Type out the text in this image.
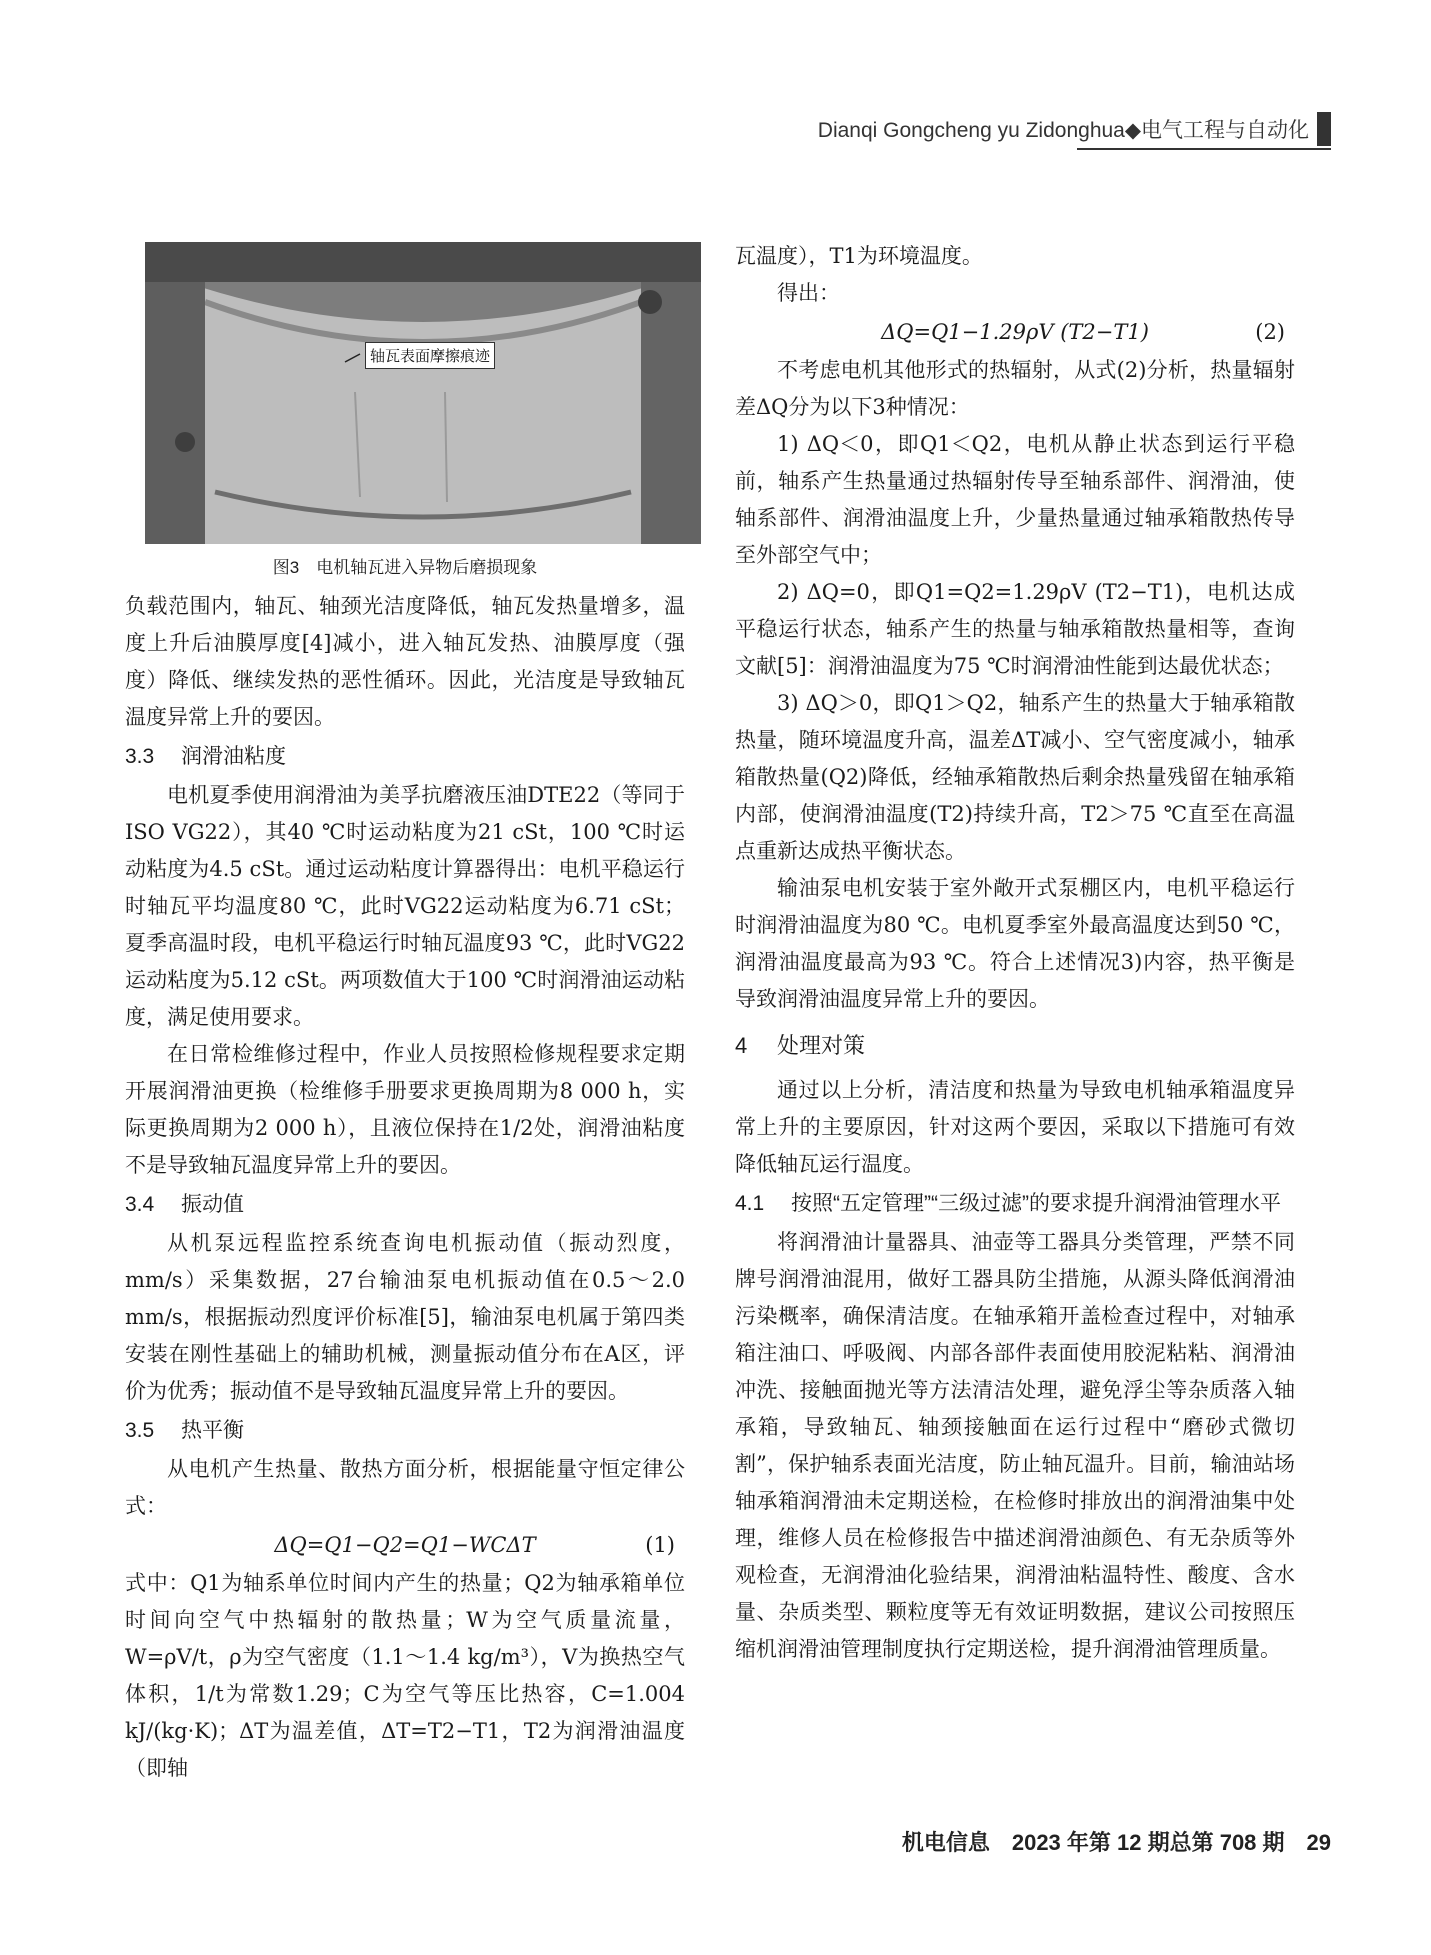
Dianqi Gongcheng yu Zidonghua◆电气工程与自动化
轴瓦表面摩擦痕迹
图3　电机轴瓦进入异物后磨损现象

负载范围内，轴瓦、轴颈光洁度降低，轴瓦发热量增多，温度上升后油膜厚度[4]减小，进入轴瓦发热、油膜厚度（强度）降低、继续发热的恶性循环。因此，光洁度是导致轴瓦温度异常上升的要因。

3.3 润滑油粘度

电机夏季使用润滑油为美孚抗磨液压油DTE22（等同于ISO VG22），其40 ℃时运动粘度为21 cSt，100 ℃时运动粘度为4.5 cSt。通过运动粘度计算器得出：电机平稳运行时轴瓦平均温度80 ℃，此时VG22运动粘度为6.71 cSt；夏季高温时段，电机平稳运行时轴瓦温度93 ℃，此时VG22运动粘度为5.12 cSt。两项数值大于100 ℃时润滑油运动粘度，满足使用要求。

在日常检维修过程中，作业人员按照检修规程要求定期开展润滑油更换（检维修手册要求更换周期为8 000 h，实际更换周期为2 000 h），且液位保持在1/2处，润滑油粘度不是导致轴瓦温度异常上升的要因。

3.4 振动值

从机泵远程监控系统查询电机振动值（振动烈度，mm/s）采集数据，27台输油泵电机振动值在0.5～2.0 mm/s，根据振动烈度评价标准[5]，输油泵电机属于第四类安装在刚性基础上的辅助机械，测量振动值分布在A区，评价为优秀；振动值不是导致轴瓦温度异常上升的要因。

3.5 热平衡

从电机产生热量、散热方面分析，根据能量守恒定律公式：

ΔQ=Q1−Q2=Q1−WCΔT	(1)

式中：Q1为轴系单位时间内产生的热量；Q2为轴承箱单位时间向空气中热辐射的散热量；W为空气质量流量，W=ρV/t，ρ为空气密度（1.1～1.4 kg/m³），V为换热空气体积，1/t为常数1.29；C为空气等压比热容，C=1.004 kJ/(kg·K)；ΔT为温差值，ΔT=T2−T1，T2为润滑油温度（即轴

瓦温度），T1为环境温度。

得出：

ΔQ=Q1−1.29ρV (T2−T1)	(2)

不考虑电机其他形式的热辐射，从式(2)分析，热量辐射差ΔQ分为以下3种情况：

1) ΔQ＜0，即Q1＜Q2，电机从静止状态到运行平稳前，轴系产生热量通过热辐射传导至轴系部件、润滑油，使轴系部件、润滑油温度上升，少量热量通过轴承箱散热传导至外部空气中；

2) ΔQ=0，即Q1=Q2=1.29ρV (T2−T1)，电机达成平稳运行状态，轴系产生的热量与轴承箱散热量相等，查询文献[5]：润滑油温度为75 ℃时润滑油性能到达最优状态；

3) ΔQ＞0，即Q1＞Q2，轴系产生的热量大于轴承箱散热量，随环境温度升高，温差ΔT减小、空气密度减小，轴承箱散热量(Q2)降低，经轴承箱散热后剩余热量残留在轴承箱内部，使润滑油温度(T2)持续升高，T2＞75 ℃直至在高温点重新达成热平衡状态。

输油泵电机安装于室外敞开式泵棚区内，电机平稳运行时润滑油温度为80 ℃。电机夏季室外最高温度达到50 ℃，润滑油温度最高为93 ℃。符合上述情况3)内容，热平衡是导致润滑油温度异常上升的要因。

4 处理对策

通过以上分析，清洁度和热量为导致电机轴承箱温度异常上升的主要原因，针对这两个要因，采取以下措施可有效降低轴瓦运行温度。

4.1 按照“五定管理”“三级过滤”的要求提升润滑油管理水平

将润滑油计量器具、油壶等工器具分类管理，严禁不同牌号润滑油混用，做好工器具防尘措施，从源头降低润滑油污染概率，确保清洁度。在轴承箱开盖检查过程中，对轴承箱注油口、呼吸阀、内部各部件表面使用胶泥粘粘、润滑油冲洗、接触面抛光等方法清洁处理，避免浮尘等杂质落入轴承箱，导致轴瓦、轴颈接触面在运行过程中“磨砂式微切割”，保护轴系表面光洁度，防止轴瓦温升。目前，输油站场轴承箱润滑油未定期送检，在检修时排放出的润滑油集中处理，维修人员在检修报告中描述润滑油颜色、有无杂质等外观检查，无润滑油化验结果，润滑油粘温特性、酸度、含水量、杂质类型、颗粒度等无有效证明数据，建议公司按照压缩机润滑油管理制度执行定期送检，提升润滑油管理质量。

机电信息　2023 年第 12 期总第 708 期　29
